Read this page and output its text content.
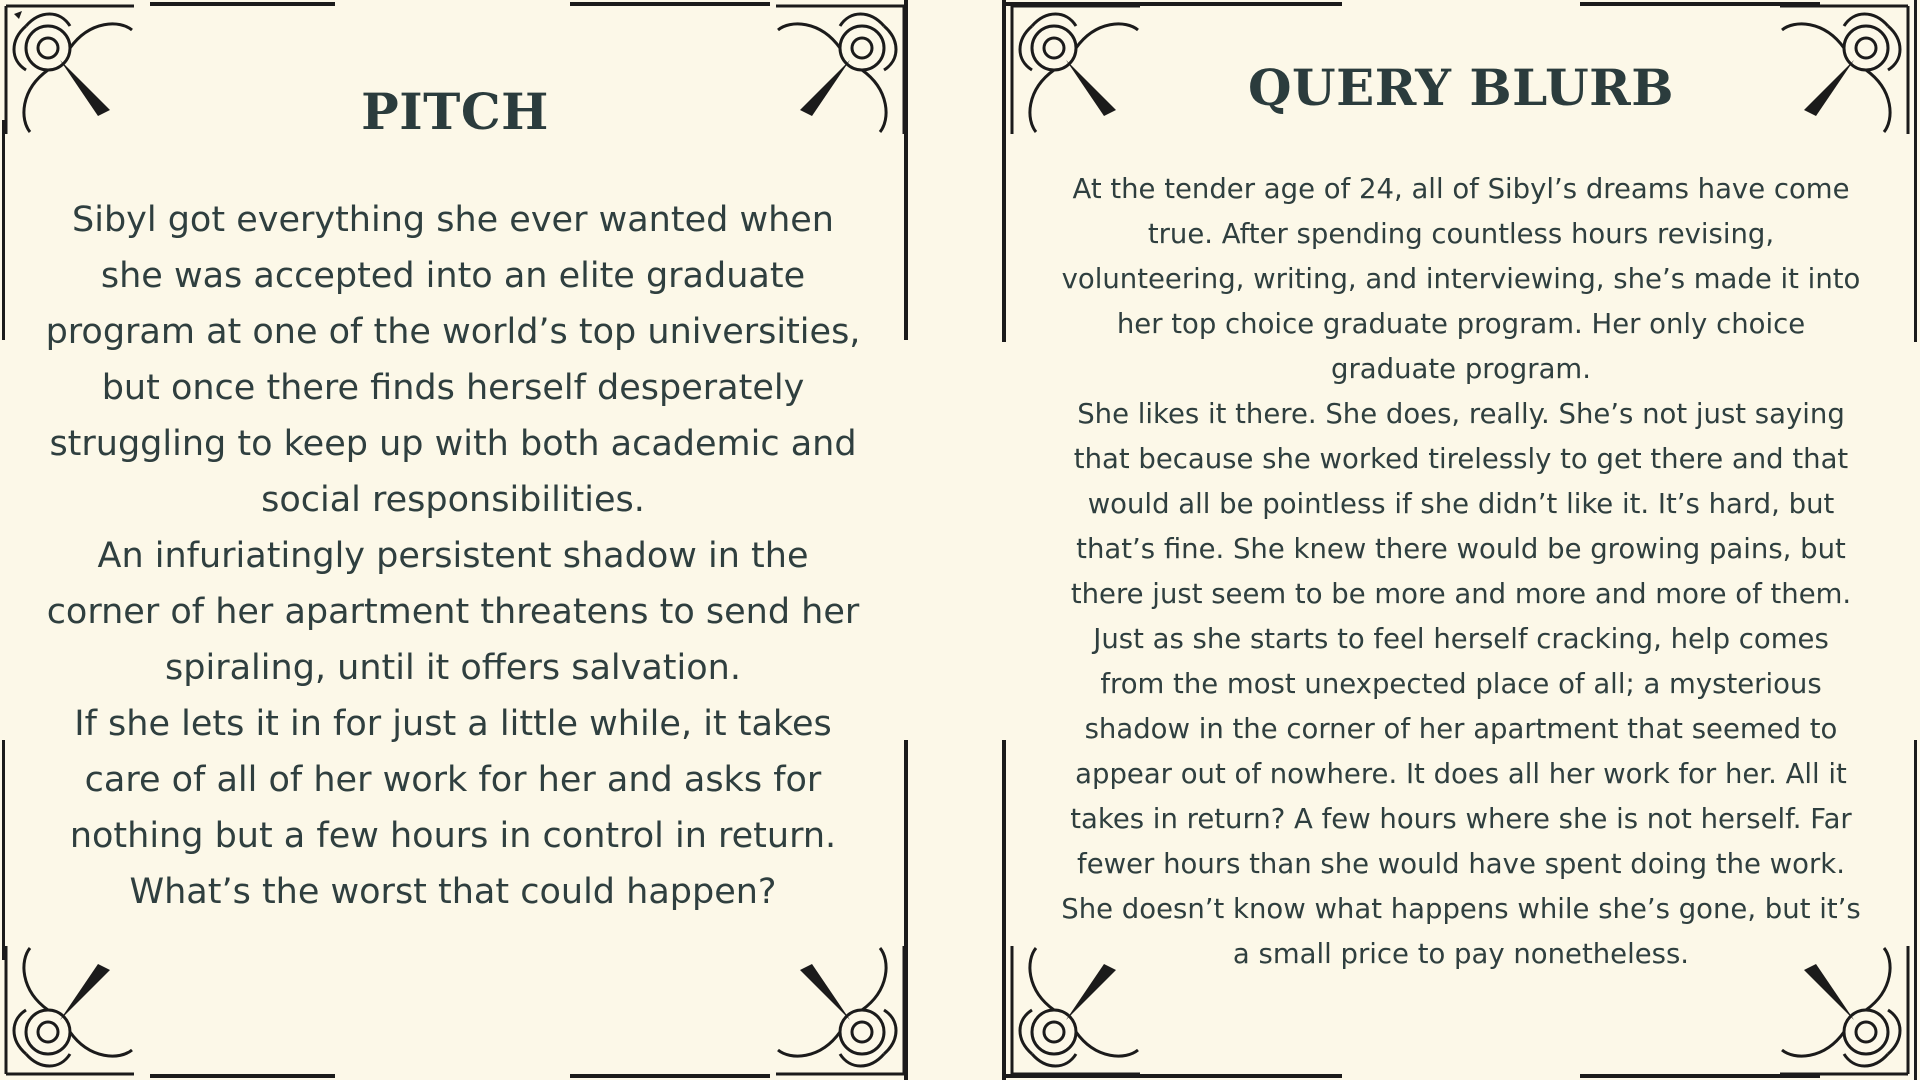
PITCH

Sibyl got everything she ever wanted when she was accepted into an elite graduate program at one of the world’s top universities, but once there finds herself desperately struggling to keep up with both academic and social responsibilities.

An infuriatingly persistent shadow in the corner of her apartment threatens to send her spiraling, until it offers salvation.

If she lets it in for just a little while, it takes care of all of her work for her and asks for nothing but a few hours in control in return. What’s the worst that could happen?

QUERY BLURB

At the tender age of 24, all of Sibyl’s dreams have come true. After spending countless hours revising, volunteering, writing, and interviewing, she’s made it into her top choice graduate program. Her only choice graduate program.

She likes it there. She does, really. She’s not just saying that because she worked tirelessly to get there and that would all be pointless if she didn’t like it. It’s hard, but that’s fine. She knew there would be growing pains, but there just seem to be more and more and more of them. Just as she starts to feel herself cracking, help comes from the most unexpected place of all; a mysterious shadow in the corner of her apartment that seemed to appear out of nowhere. It does all her work for her. All it takes in return? A few hours where she is not herself. Far fewer hours than she would have spent doing the work. She doesn’t know what happens while she’s gone, but it’s a small price to pay nonetheless.
